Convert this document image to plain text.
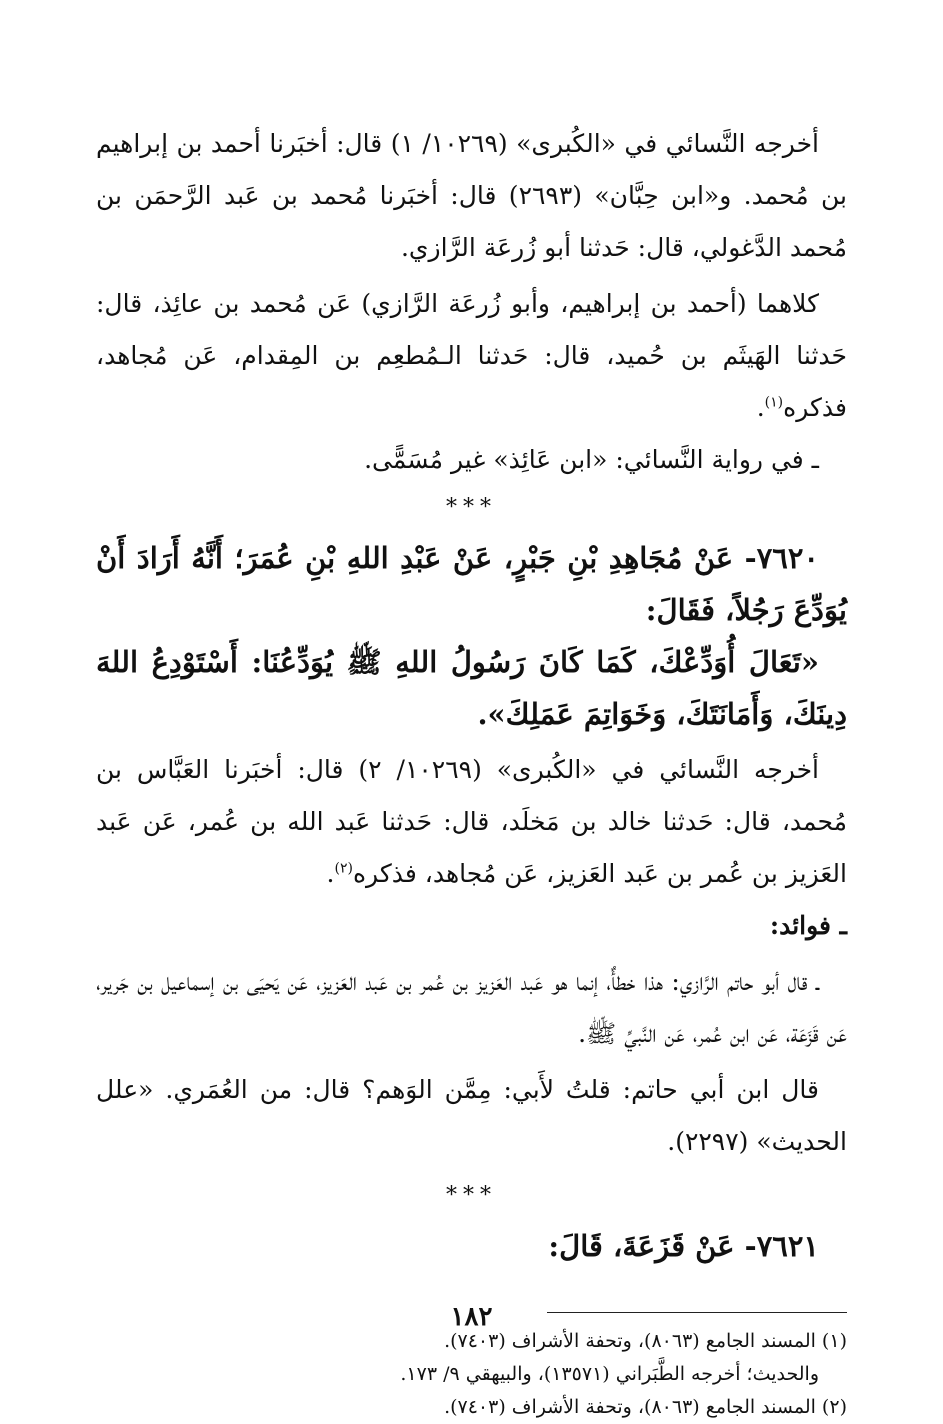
أخرجه النَّسائي في «الكُبرى» (١٠٢٦٩/ ١) قال: أخبَرنا أحمد بن إبراهيم بن مُحمد. و«ابن حِبَّان» (٢٦٩٣) قال: أخبَرنا مُحمد بن عَبد الرَّحمَن بن مُحمد الدَّغولي، قال: حَدثنا أبو زُرعَة الرَّازي.

كلاهما (أحمد بن إبراهيم، وأبو زُرعَة الرَّازي) عَن مُحمد بن عائِذ، قال: حَدثنا الهَيثَم بن حُميد، قال: حَدثنا الـمُطعِم بن المِقدام، عَن مُجاهد، فذكره$^{(١)}$.

ـ في رواية النَّسائي: «ابن عَائِذ» غير مُسَمًّى.

***

٧٦٢٠- عَنْ مُجَاهِدِ بْنِ جَبْرٍ، عَنْ عَبْدِ اللهِ بْنِ عُمَرَ؛ أَنَّهُ أَرَادَ أَنْ يُوَدِّعَ رَجُلاً، فَقَالَ:

«تَعَالَ أُوَدِّعْكَ، كَمَا كَانَ رَسُولُ اللهِ ﷺ يُوَدِّعُنَا: أَسْتَوْدِعُ اللهَ دِينَكَ، وَأَمَانَتَكَ، وَخَوَاتِمَ عَمَلِكَ».

أخرجه النَّسائي في «الكُبرى» (١٠٢٦٩/ ٢) قال: أخبَرنا العَبَّاس بن مُحمد، قال: حَدثنا خالد بن مَخلَد، قال: حَدثنا عَبد الله بن عُمر، عَن عَبد العَزيز بن عُمر بن عَبد العَزيز، عَن مُجاهد، فذكره$^{(٢)}$.

ـ فوائد:

ـ قال أبو حاتم الرَّازي: هذا خطأٌ، إنما هو عَبد العَزيز بن عُمر بن عَبد العَزيز، عَن يَحيَى بن إسماعيل بن جَرير، عَن قَزَعَة، عَن ابن عُمر، عَن النَّبيِّ ﷺ.

قال ابن أبي حاتم: قلتُ لأَبي: مِمَّن الوَهم؟ قال: من العُمَري. «علل الحديث» (٢٢٩٧).

***

٧٦٢١- عَنْ قَزَعَةَ، قَالَ:

(١) المسند الجامع (٨٠٦٣)، وتحفة الأشراف (٧٤٠٣).

والحديث؛ أخرجه الطَّبَراني (١٣٥٧١)، والبيهقي ٩/ ١٧٣.

(٢) المسند الجامع (٨٠٦٣)، وتحفة الأشراف (٧٤٠٣).

١٨٢
